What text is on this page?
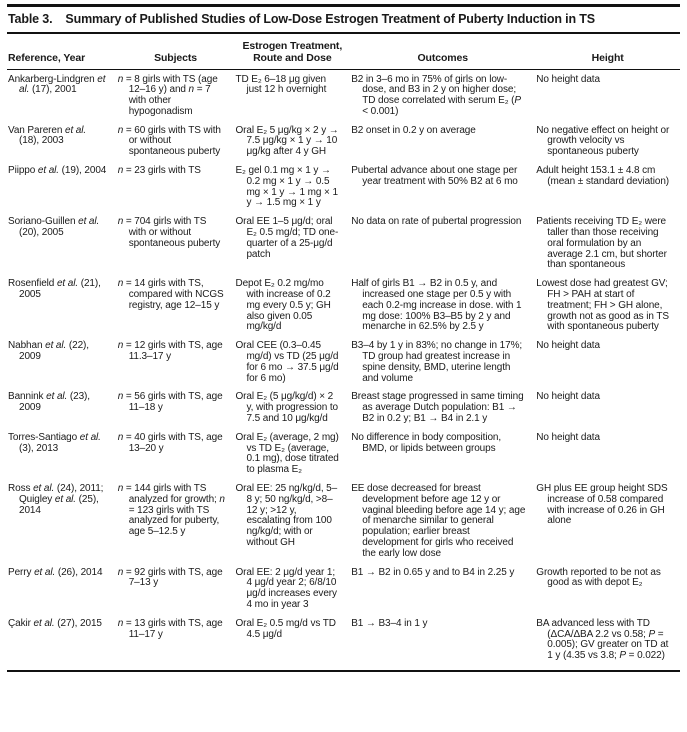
Table 3. Summary of Published Studies of Low-Dose Estrogen Treatment of Puberty Induction in TS
Reference, Year	Subjects	Estrogen Treatment, Route and Dose	Outcomes	Height
Ankarberg-Lindgren et al. (17), 2001	n = 8 girls with TS (age 12–16 y) and n = 7 with other hypogonadism	TD E₂ 6–18 μg given just 12 h overnight	B2 in 3–6 mo in 75% of girls on low-dose, and B3 in 2 y on higher dose; TD dose correlated with serum E₂ (P < 0.001)	No height data
Van Pareren et al. (18), 2003	n = 60 girls with TS with or without spontaneous puberty	Oral E₂ 5 μg/kg × 2 y → 7.5 μg/kg × 1 y → 10 μg/kg after 4 y GH	B2 onset in 0.2 y on average	No negative effect on height or growth velocity vs spontaneous puberty
Piippo et al. (19), 2004	n = 23 girls with TS	E₂ gel 0.1 mg × 1 y → 0.2 mg × 1 y → 0.5 mg × 1 y → 1 mg × 1 y → 1.5 mg × 1 y	Pubertal advance about one stage per year treatment with 50% B2 at 6 mo	Adult height 153.1 ± 4.8 cm (mean ± standard deviation)
Soriano-Guillen et al. (20), 2005	n = 704 girls with TS with or without spontaneous puberty	Oral EE 1–5 μg/d; oral E₂ 0.5 mg/d; TD one-quarter of a 25-μg/d patch	No data on rate of pubertal progression	Patients receiving TD E₂ were taller than those receiving oral formulation by an average 2.1 cm, but shorter than spontaneous
Rosenfield et al. (21), 2005	n = 14 girls with TS, compared with NCGS registry, age 12–15 y	Depot E₂ 0.2 mg/mo with increase of 0.2 mg every 0.5 y; GH also given 0.05 mg/kg/d	Half of girls B1 → B2 in 0.5 y, and increased one stage per 0.5 y with each 0.2-mg increase in dose. with 1 mg dose: 100% B3–B5 by 2 y and menarche in 62.5% by 2.5 y	Lowest dose had greatest GV; FH > PAH at start of treatment; FH > GH alone, growth not as good as in TS with spontaneous puberty
Nabhan et al. (22), 2009	n = 12 girls with TS, age 11.3–17 y	Oral CEE (0.3–0.45 mg/d) vs TD (25 μg/d for 6 mo → 37.5 μg/d for 6 mo)	B3–4 by 1 y in 83%; no change in 17%; TD group had greatest increase in spine density, BMD, uterine length and volume	No height data
Bannink et al. (23), 2009	n = 56 girls with TS, age 11–18 y	Oral E₂ (5 μg/kg/d) × 2 y, with progression to 7.5 and 10 μg/kg/d	Breast stage progressed in same timing as average Dutch population: B1 → B2 in 0.2 y; B1 → B4 in 2.1 y	No height data
Torres-Santiago et al. (3), 2013	n = 40 girls with TS, age 13–20 y	Oral E₂ (average, 2 mg) vs TD E₂ (average, 0.1 mg), dose titrated to plasma E₂	No difference in body composition, BMD, or lipids between groups	No height data
Ross et al. (24), 2011; Quigley et al. (25), 2014	n = 144 girls with TS analyzed for growth; n = 123 girls with TS analyzed for puberty, age 5–12.5 y	Oral EE: 25 ng/kg/d, 5–8 y; 50 ng/kg/d, >8–12 y; >12 y, escalating from 100 ng/kg/d; with or without GH	EE dose decreased for breast development before age 12 y or vaginal bleeding before age 14 y; age of menarche similar to general population; earlier breast development for girls who received the early low dose	GH plus EE group height SDS increase of 0.58 compared with increase of 0.26 in GH alone
Perry et al. (26), 2014	n = 92 girls with TS, age 7–13 y	Oral EE: 2 μg/d year 1; 4 μg/d year 2; 6/8/10 μg/d increases every 4 mo in year 3	B1 → B2 in 0.65 y and to B4 in 2.25 y	Growth reported to be not as good as with depot E₂
Çakir et al. (27), 2015	n = 13 girls with TS, age 11–17 y	Oral E₂ 0.5 mg/d vs TD 4.5 μg/d	B1 → B3–4 in 1 y	BA advanced less with TD (ΔCA/ΔBA 2.2 vs 0.58; P = 0.005); GV greater on TD at 1 y (4.35 vs 3.8; P = 0.022)
